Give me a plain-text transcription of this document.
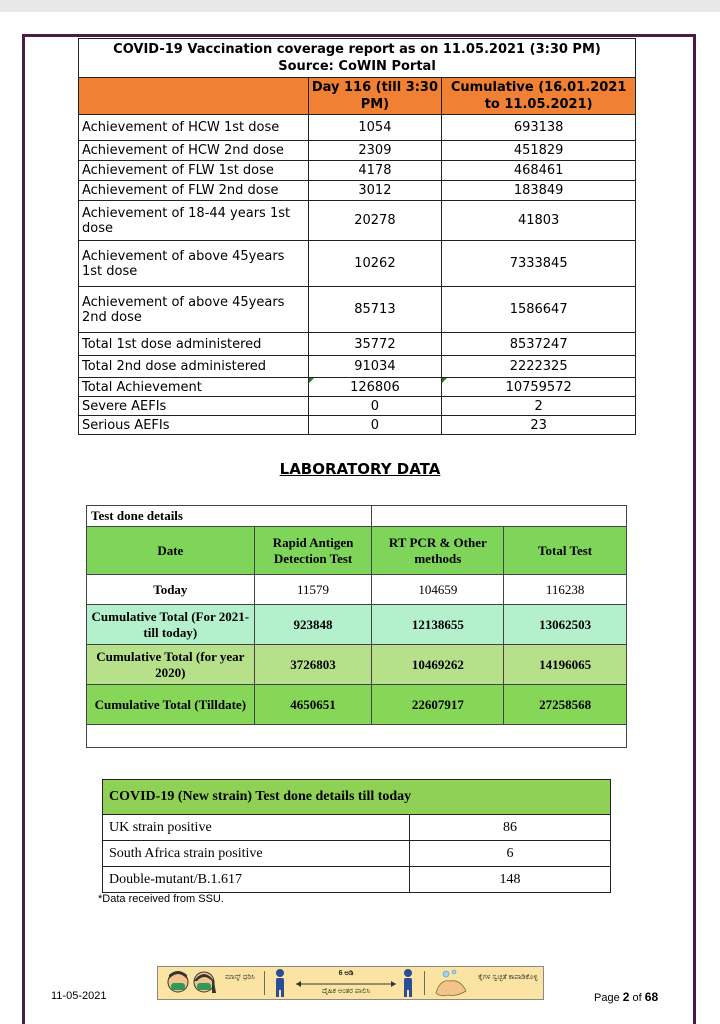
COVID-19 Vaccination coverage report as on 11.05.2021 (3:30 PM)
Source: CoWIN Portal		

	Day 116 (till 3:30 PM)	Cumulative (16.01.2021 to 11.05.2021)
Achievement of HCW 1st dose	1054	693138
Achievement of HCW 2nd dose	2309	451829
Achievement of FLW 1st dose	4178	468461
Achievement of FLW 2nd dose	3012	183849
Achievement of 18-44 years 1st dose	20278	41803
Achievement of above 45years 1st dose	10262	7333845
Achievement of above 45years 2nd dose	85713	1586647
Total 1st dose administered	35772	8537247
Total 2nd dose administered	91034	2222325
Total Achievement	126806	10759572
Severe AEFIs	0	2
Serious AEFIs	0	23
LABORATORY DATA
Test done details			
Date	Rapid Antigen Detection Test	RT PCR & Other methods	Total Test
Today	11579	104659	116238
Cumulative Total (For 2021- till today)	923848	12138655	13062503
Cumulative Total (for year 2020)	3726803	10469262	14196065
Cumulative Total (Tilldate)	4650651	22607917	27258568

COVID-19 (New strain) Test done details till today	
UK strain positive	86
South Africa strain positive	6
Double-mutant/B.1.617	148
*Data received from SSU.
11-05-2021
ಮಾಸ್ಕ್ ಧರಿಸಿ
6 ಅಡಿ
ದೈಹಿಕ ಅಂತರ ಪಾಲಿಸಿ
ಕೈಗಳ ಸ್ವಚ್ಛತೆ ಕಾಪಾಡಿಕೊಳ್ಳಿ
Page 2 of 68
